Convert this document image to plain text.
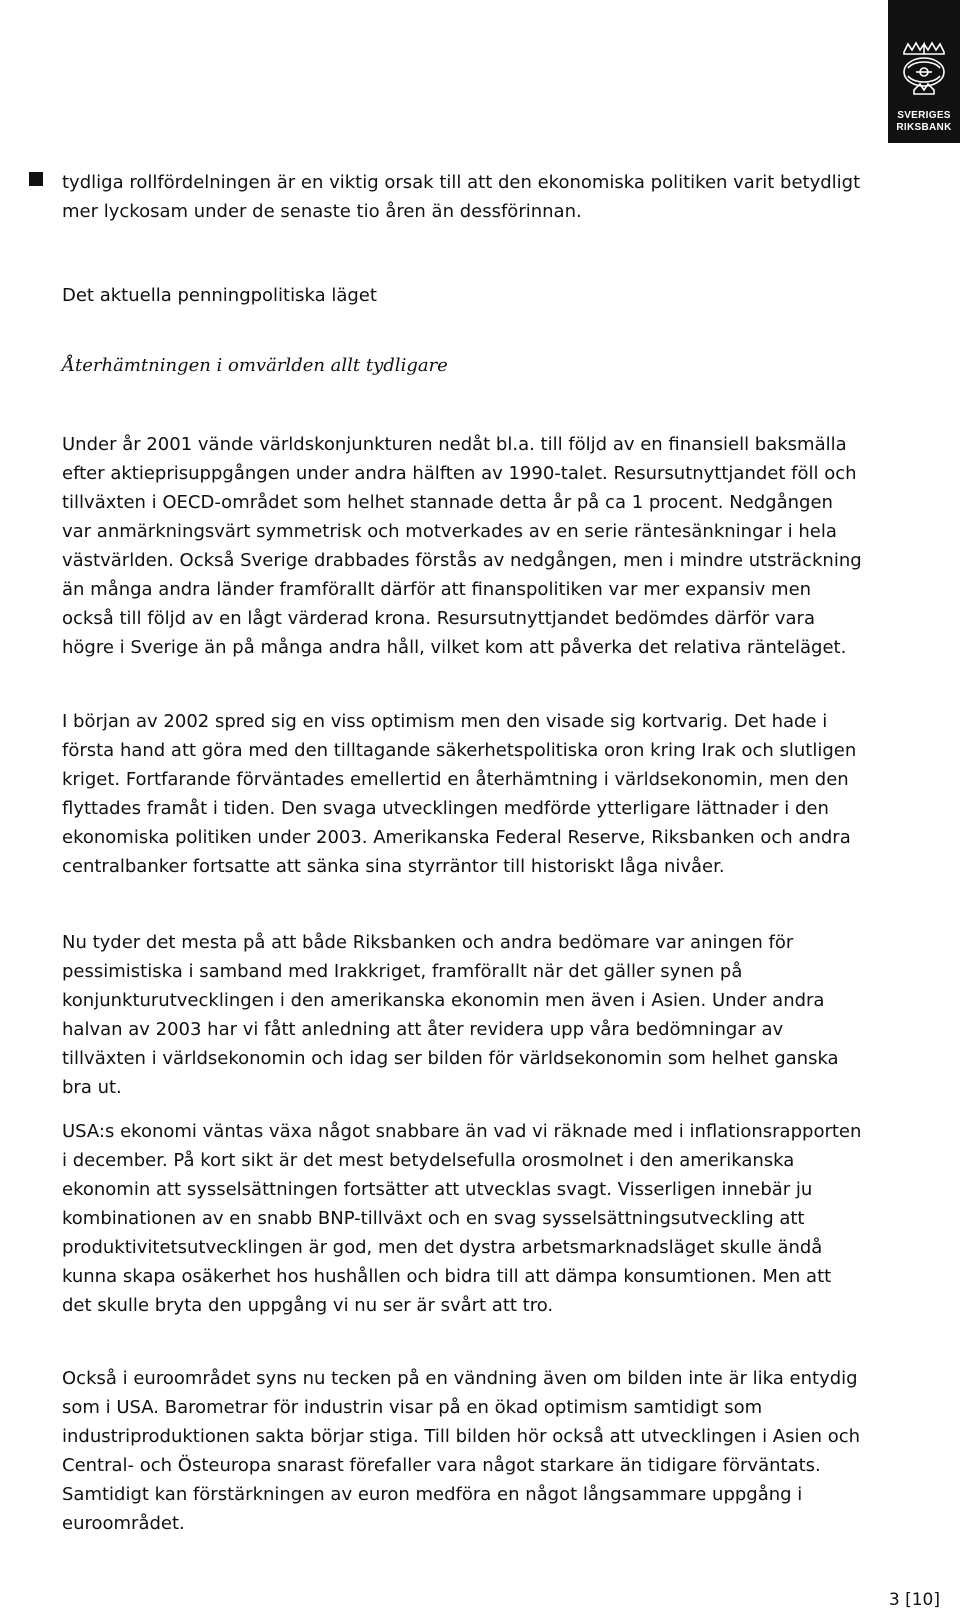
SVERIGES
RIKSBANK

tydliga rollfördelningen är en viktig orsak till att den ekonomiska politiken varit betydligt mer lyckosam under de senaste tio åren än dessförinnan.

Det aktuella penningpolitiska läget

Återhämtningen i omvärlden allt tydligare

Under år 2001 vände världskonjunkturen nedåt bl.a. till följd av en finansiell baksmälla efter aktieprisuppgången under andra hälften av 1990-talet. Resursutnyttjandet föll och tillväxten i OECD-området som helhet stannade detta år på ca 1 procent. Nedgången var anmärkningsvärt symmetrisk och motverkades av en serie räntesänkningar i hela västvärlden. Också Sverige drabbades förstås av nedgången, men i mindre utsträckning än många andra länder framförallt därför att finanspolitiken var mer expansiv men också till följd av en lågt värderad krona. Resursutnyttjandet bedömdes därför vara högre i Sverige än på många andra håll, vilket kom att påverka det relativa ränteläget.

I början av 2002 spred sig en viss optimism men den visade sig kortvarig. Det hade i första hand att göra med den tilltagande säkerhetspolitiska oron kring Irak och slutligen kriget. Fortfarande förväntades emellertid en återhämtning i världsekonomin, men den flyttades framåt i tiden. Den svaga utvecklingen medförde ytterligare lättnader i den ekonomiska politiken under 2003. Amerikanska Federal Reserve, Riksbanken och andra centralbanker fortsatte att sänka sina styrräntor till historiskt låga nivåer.

Nu tyder det mesta på att både Riksbanken och andra bedömare var aningen för pessimistiska i samband med Irakkriget, framförallt när det gäller synen på konjunkturutvecklingen i den amerikanska ekonomin men även i Asien. Under andra halvan av 2003 har vi fått anledning att åter revidera upp våra bedömningar av tillväxten i världsekonomin och idag ser bilden för världsekonomin som helhet ganska bra ut.

USA:s ekonomi väntas växa något snabbare än vad vi räknade med i inflationsrapporten i december. På kort sikt är det mest betydelsefulla orosmolnet i den amerikanska ekonomin att sysselsättningen fortsätter att utvecklas svagt. Visserligen innebär ju kombinationen av en snabb BNP-tillväxt och en svag sysselsättningsutveckling att produktivitetsutvecklingen är god, men det dystra arbetsmarknadsläget skulle ändå kunna skapa osäkerhet hos hushållen och bidra till att dämpa konsumtionen. Men att det skulle bryta den uppgång vi nu ser är svårt att tro.

Också i euroområdet syns nu tecken på en vändning även om bilden inte är lika entydig som i USA. Barometrar för industrin visar på en ökad optimism samtidigt som industriproduktionen sakta börjar stiga. Till bilden hör också att utvecklingen i Asien och Central- och Östeuropa snarast förefaller vara något starkare än tidigare förväntats. Samtidigt kan förstärkningen av euron medföra en något långsammare uppgång i euroområdet.

3 [10]
